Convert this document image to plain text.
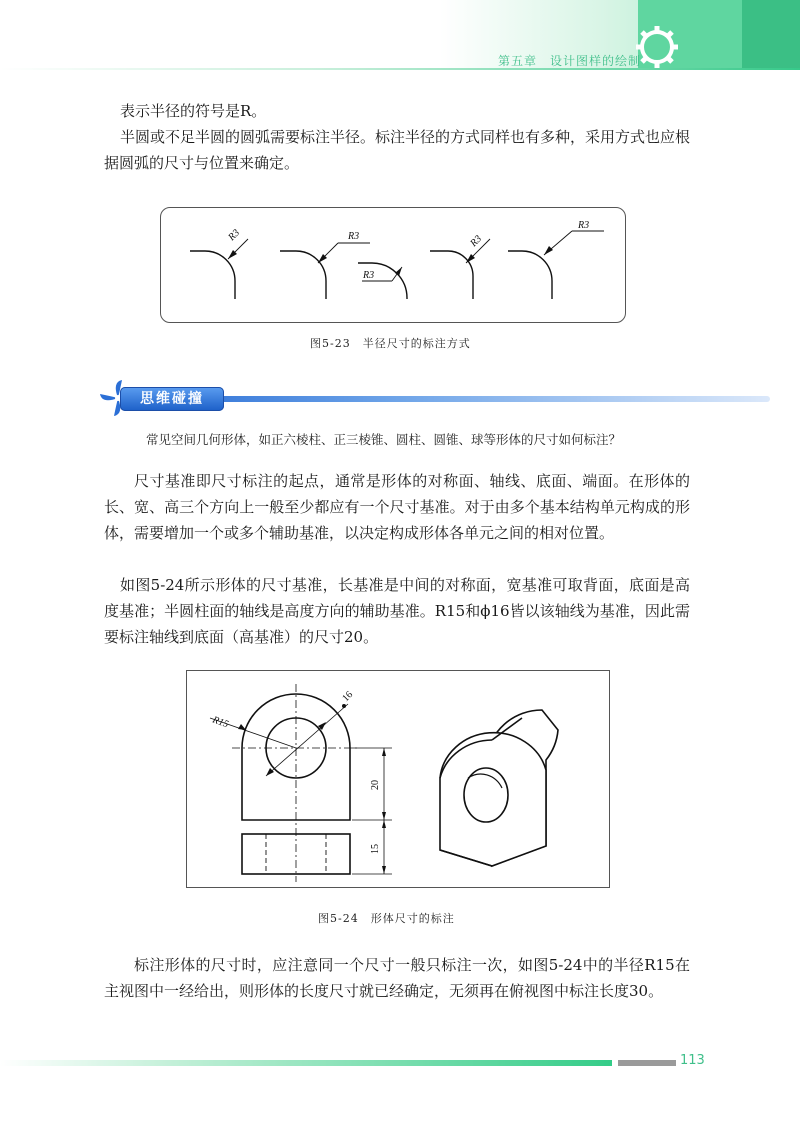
第五章　设计图样的绘制
表示半径的符号是R。
半圆或不足半圆的圆弧需要标注半径。标注半径的方式同样也有多种，采用方式也应根据圆弧的尺寸与位置来确定。
R3	R3
R3
R3
R3
图5-23　半径尺寸的标注方式
思维碰撞
常见空间几何形体，如正六棱柱、正三棱锥、圆柱、圆锥、球等形体的尺寸如何标注？
尺寸基准即尺寸标注的起点，通常是形体的对称面、轴线、底面、端面。在形体的长、宽、高三个方向上一般至少都应有一个尺寸基准。对于由多个基本结构单元构成的形体，需要增加一个或多个辅助基准，以决定构成形体各单元之间的相对位置。
如图5-24所示形体的尺寸基准，长基准是中间的对称面，宽基准可取背面，底面是高度基准；半圆柱面的轴线是高度方向的辅助基准。R15和ϕ16皆以该轴线为基准，因此需要标注轴线到底面（高基准）的尺寸20。
R15
16
20
15
图5-24　形体尺寸的标注
标注形体的尺寸时，应注意同一个尺寸一般只标注一次，如图5-24中的半径R15在主视图中一经给出，则形体的长度尺寸就已经确定，无须再在俯视图中标注长度30。
113
